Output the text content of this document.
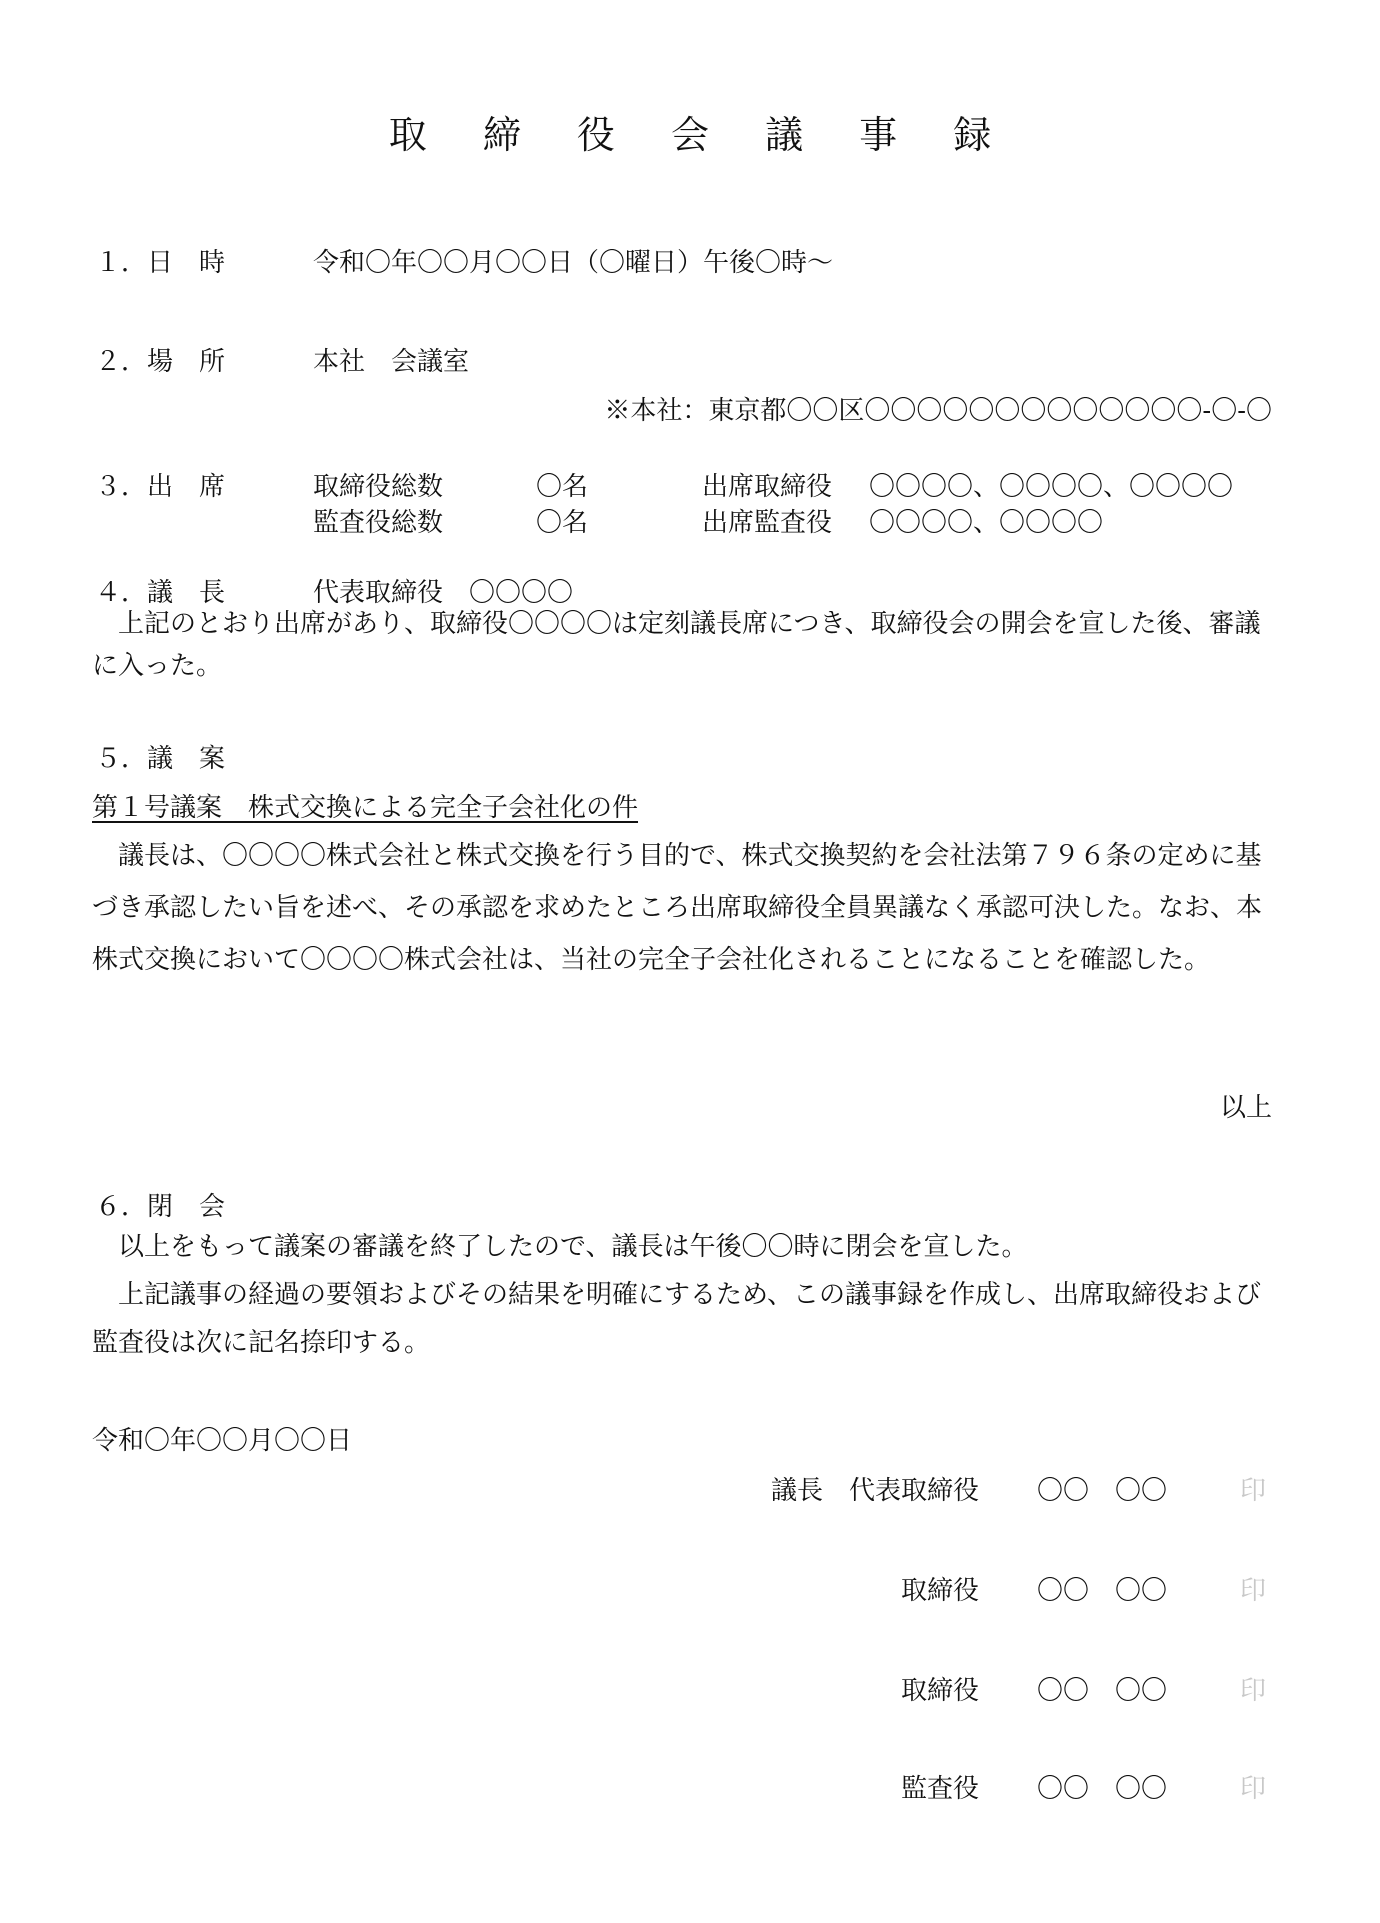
取 締 役 会 議 事 録
１．日　時	令和〇年〇〇月〇〇日（〇曜日）午後〇時～
２．場　所	本社　会議室
※本社：東京都〇〇区〇〇〇〇〇〇〇〇〇〇〇〇〇-〇-〇
３．出　席	取締役総数	〇名	出席取締役 〇〇〇〇、〇〇〇〇、〇〇〇〇
監査役総数	〇名	出席監査役 〇〇〇〇、〇〇〇〇
４．議　長	代表取締役　〇〇〇〇
上記のとおり出席があり、取締役〇〇〇〇は定刻議長席につき、取締役会の開会を宣した後、審議に入った。
５．議　案
第１号議案　株式交換による完全子会社化の件
議長は、〇〇〇〇株式会社と株式交換を行う目的で、株式交換契約を会社法第７９６条の定めに基づき承認したい旨を述べ、その承認を求めたところ出席取締役全員異議なく承認可決した。なお、本株式交換において〇〇〇〇株式会社は、当社の完全子会社化されることになることを確認した。
以上
６．閉　会
以上をもって議案の審議を終了したので、議長は午後〇〇時に閉会を宣した。
上記議事の経過の要領およびその結果を明確にするため、この議事録を作成し、出席取締役および監査役は次に記名捺印する。
令和〇年〇〇月〇〇日
議長　代表取締役 〇〇　〇〇	印
取締役 〇〇　〇〇	印
取締役 〇〇　〇〇	印
監査役 〇〇　〇〇	印
